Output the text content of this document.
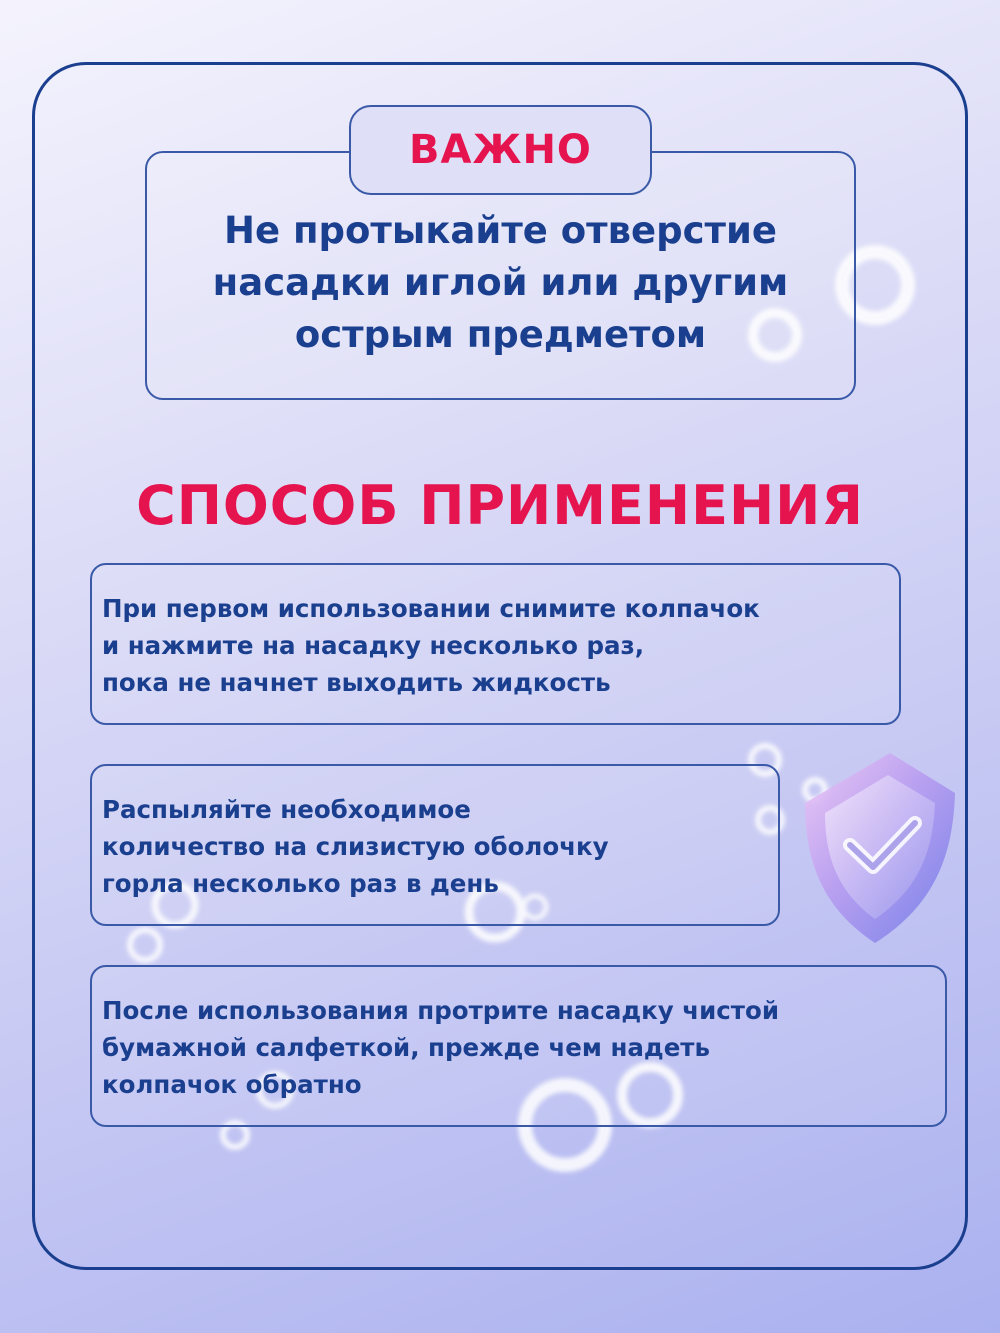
ВАЖНО
Не протыкайте отверстие насадки иглой или другим острым предметом
СПОСОБ ПРИМЕНЕНИЯ
При первом использовании снимите колпачок
и нажмите на насадку несколько раз,
пока не начнет выходить жидкость
Распыляйте необходимое
количество на слизистую оболочку
горла несколько раз в день
После использования протрите насадку чистой
бумажной салфеткой, прежде чем надеть
колпачок обратно
